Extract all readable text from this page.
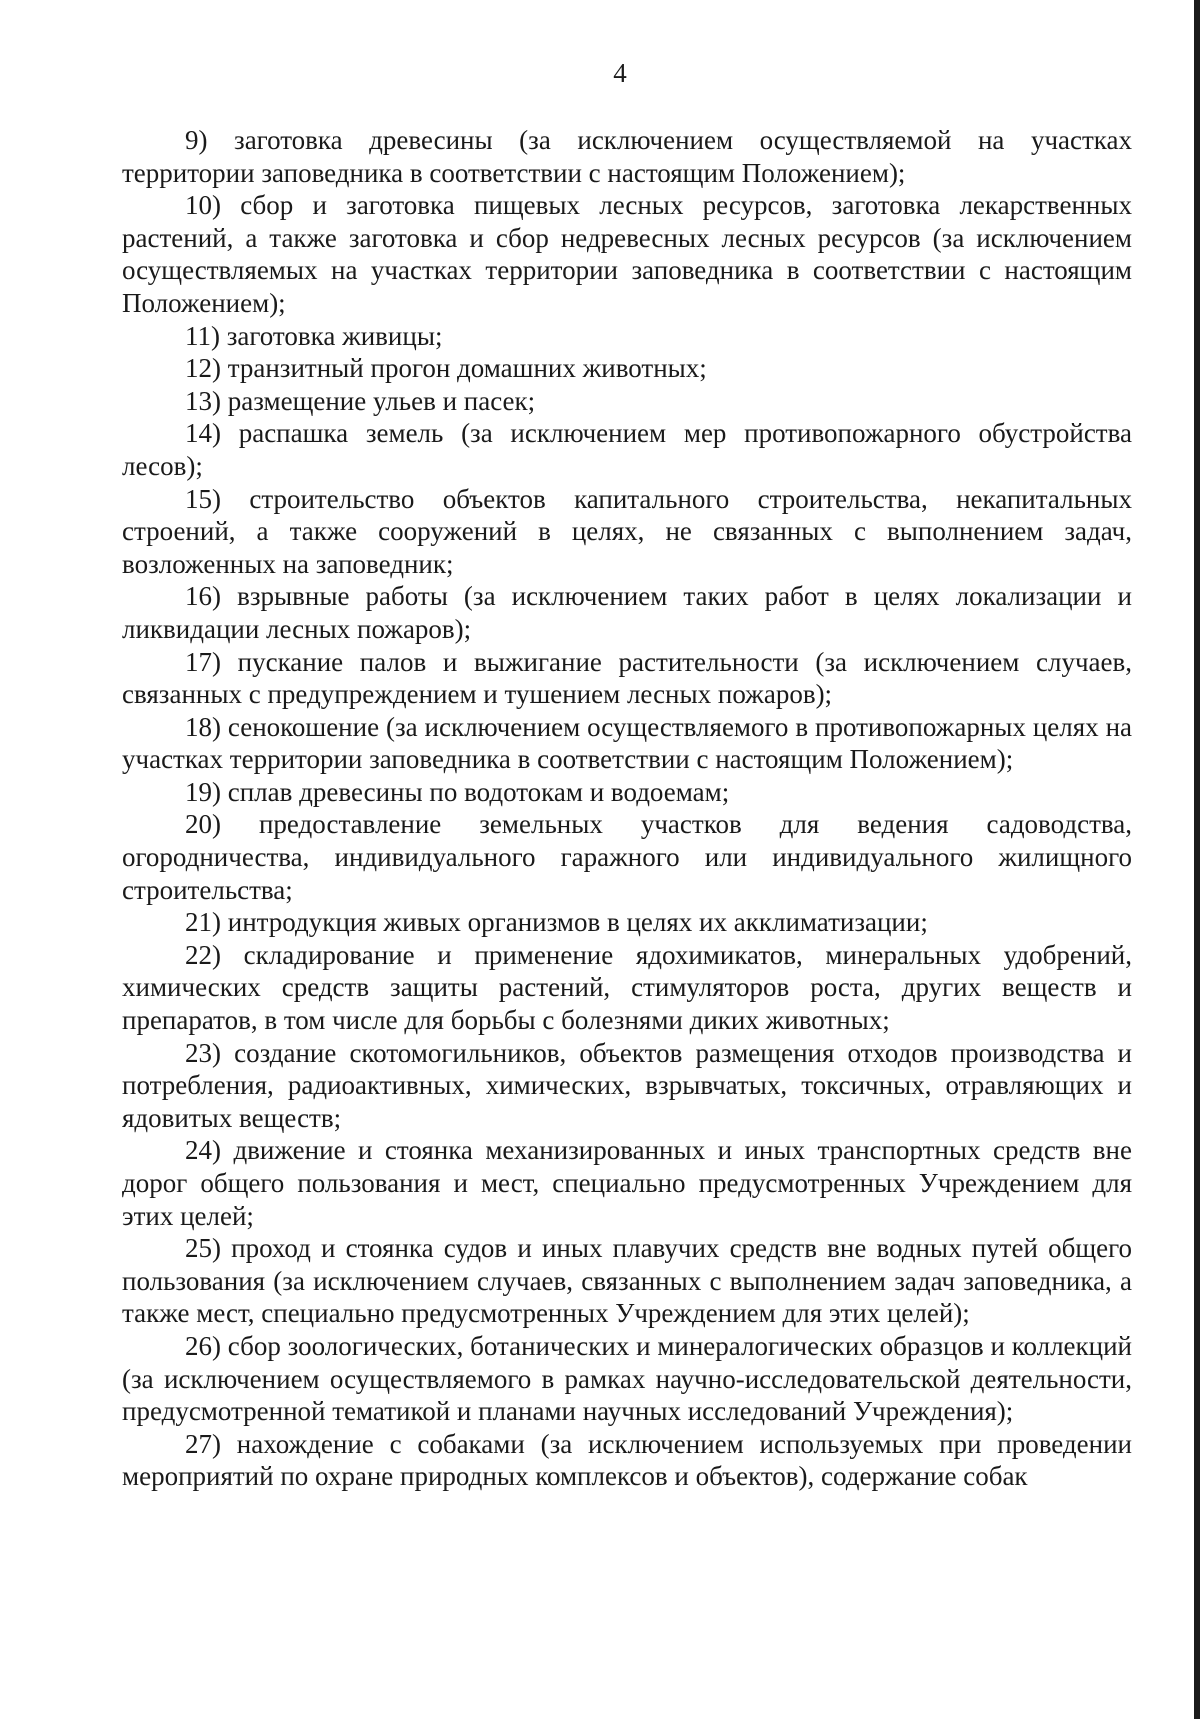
4

9) заготовка древесины (за исключением осуществляемой на участках территории заповедника в соответствии с настоящим Положением);

10) сбор и заготовка пищевых лесных ресурсов, заготовка лекарственных растений, а также заготовка и сбор недревесных лесных ресурсов (за исключением осуществляемых на участках территории заповедника в соответствии с настоящим Положением);

11) заготовка живицы;

12) транзитный прогон домашних животных;

13) размещение ульев и пасек;

14) распашка земель (за исключением мер противопожарного обустройства лесов);

15) строительство объектов капитального строительства, некапитальных строений, а также сооружений в целях, не связанных с выполнением задач, возложенных на заповедник;

16) взрывные работы (за исключением таких работ в целях локализации и ликвидации лесных пожаров);

17) пускание палов и выжигание растительности (за исключением случаев, связанных с предупреждением и тушением лесных пожаров);

18) сенокошение (за исключением осуществляемого в противопожарных целях на участках территории заповедника в соответствии с настоящим Положением);

19) сплав древесины по водотокам и водоемам;

20) предоставление земельных участков для ведения садоводства, огородничества, индивидуального гаражного или индивидуального жилищного строительства;

21) интродукция живых организмов в целях их акклиматизации;

22) складирование и применение ядохимикатов, минеральных удобрений, химических средств защиты растений, стимуляторов роста, других веществ и препаратов, в том числе для борьбы с болезнями диких животных;

23) создание скотомогильников, объектов размещения отходов производства и потребления, радиоактивных, химических, взрывчатых, токсичных, отравляющих и ядовитых веществ;

24) движение и стоянка механизированных и иных транспортных средств вне дорог общего пользования и мест, специально предусмотренных Учреждением для этих целей;

25) проход и стоянка судов и иных плавучих средств вне водных путей общего пользования (за исключением случаев, связанных с выполнением задач заповедника, а также мест, специально предусмотренных Учреждением для этих целей);

26) сбор зоологических, ботанических и минералогических образцов и коллекций (за исключением осуществляемого в рамках научно-исследовательской деятельности, предусмотренной тематикой и планами научных исследований Учреждения);

27) нахождение с собаками (за исключением используемых при проведении мероприятий по охране природных комплексов и объектов), содержание собак
